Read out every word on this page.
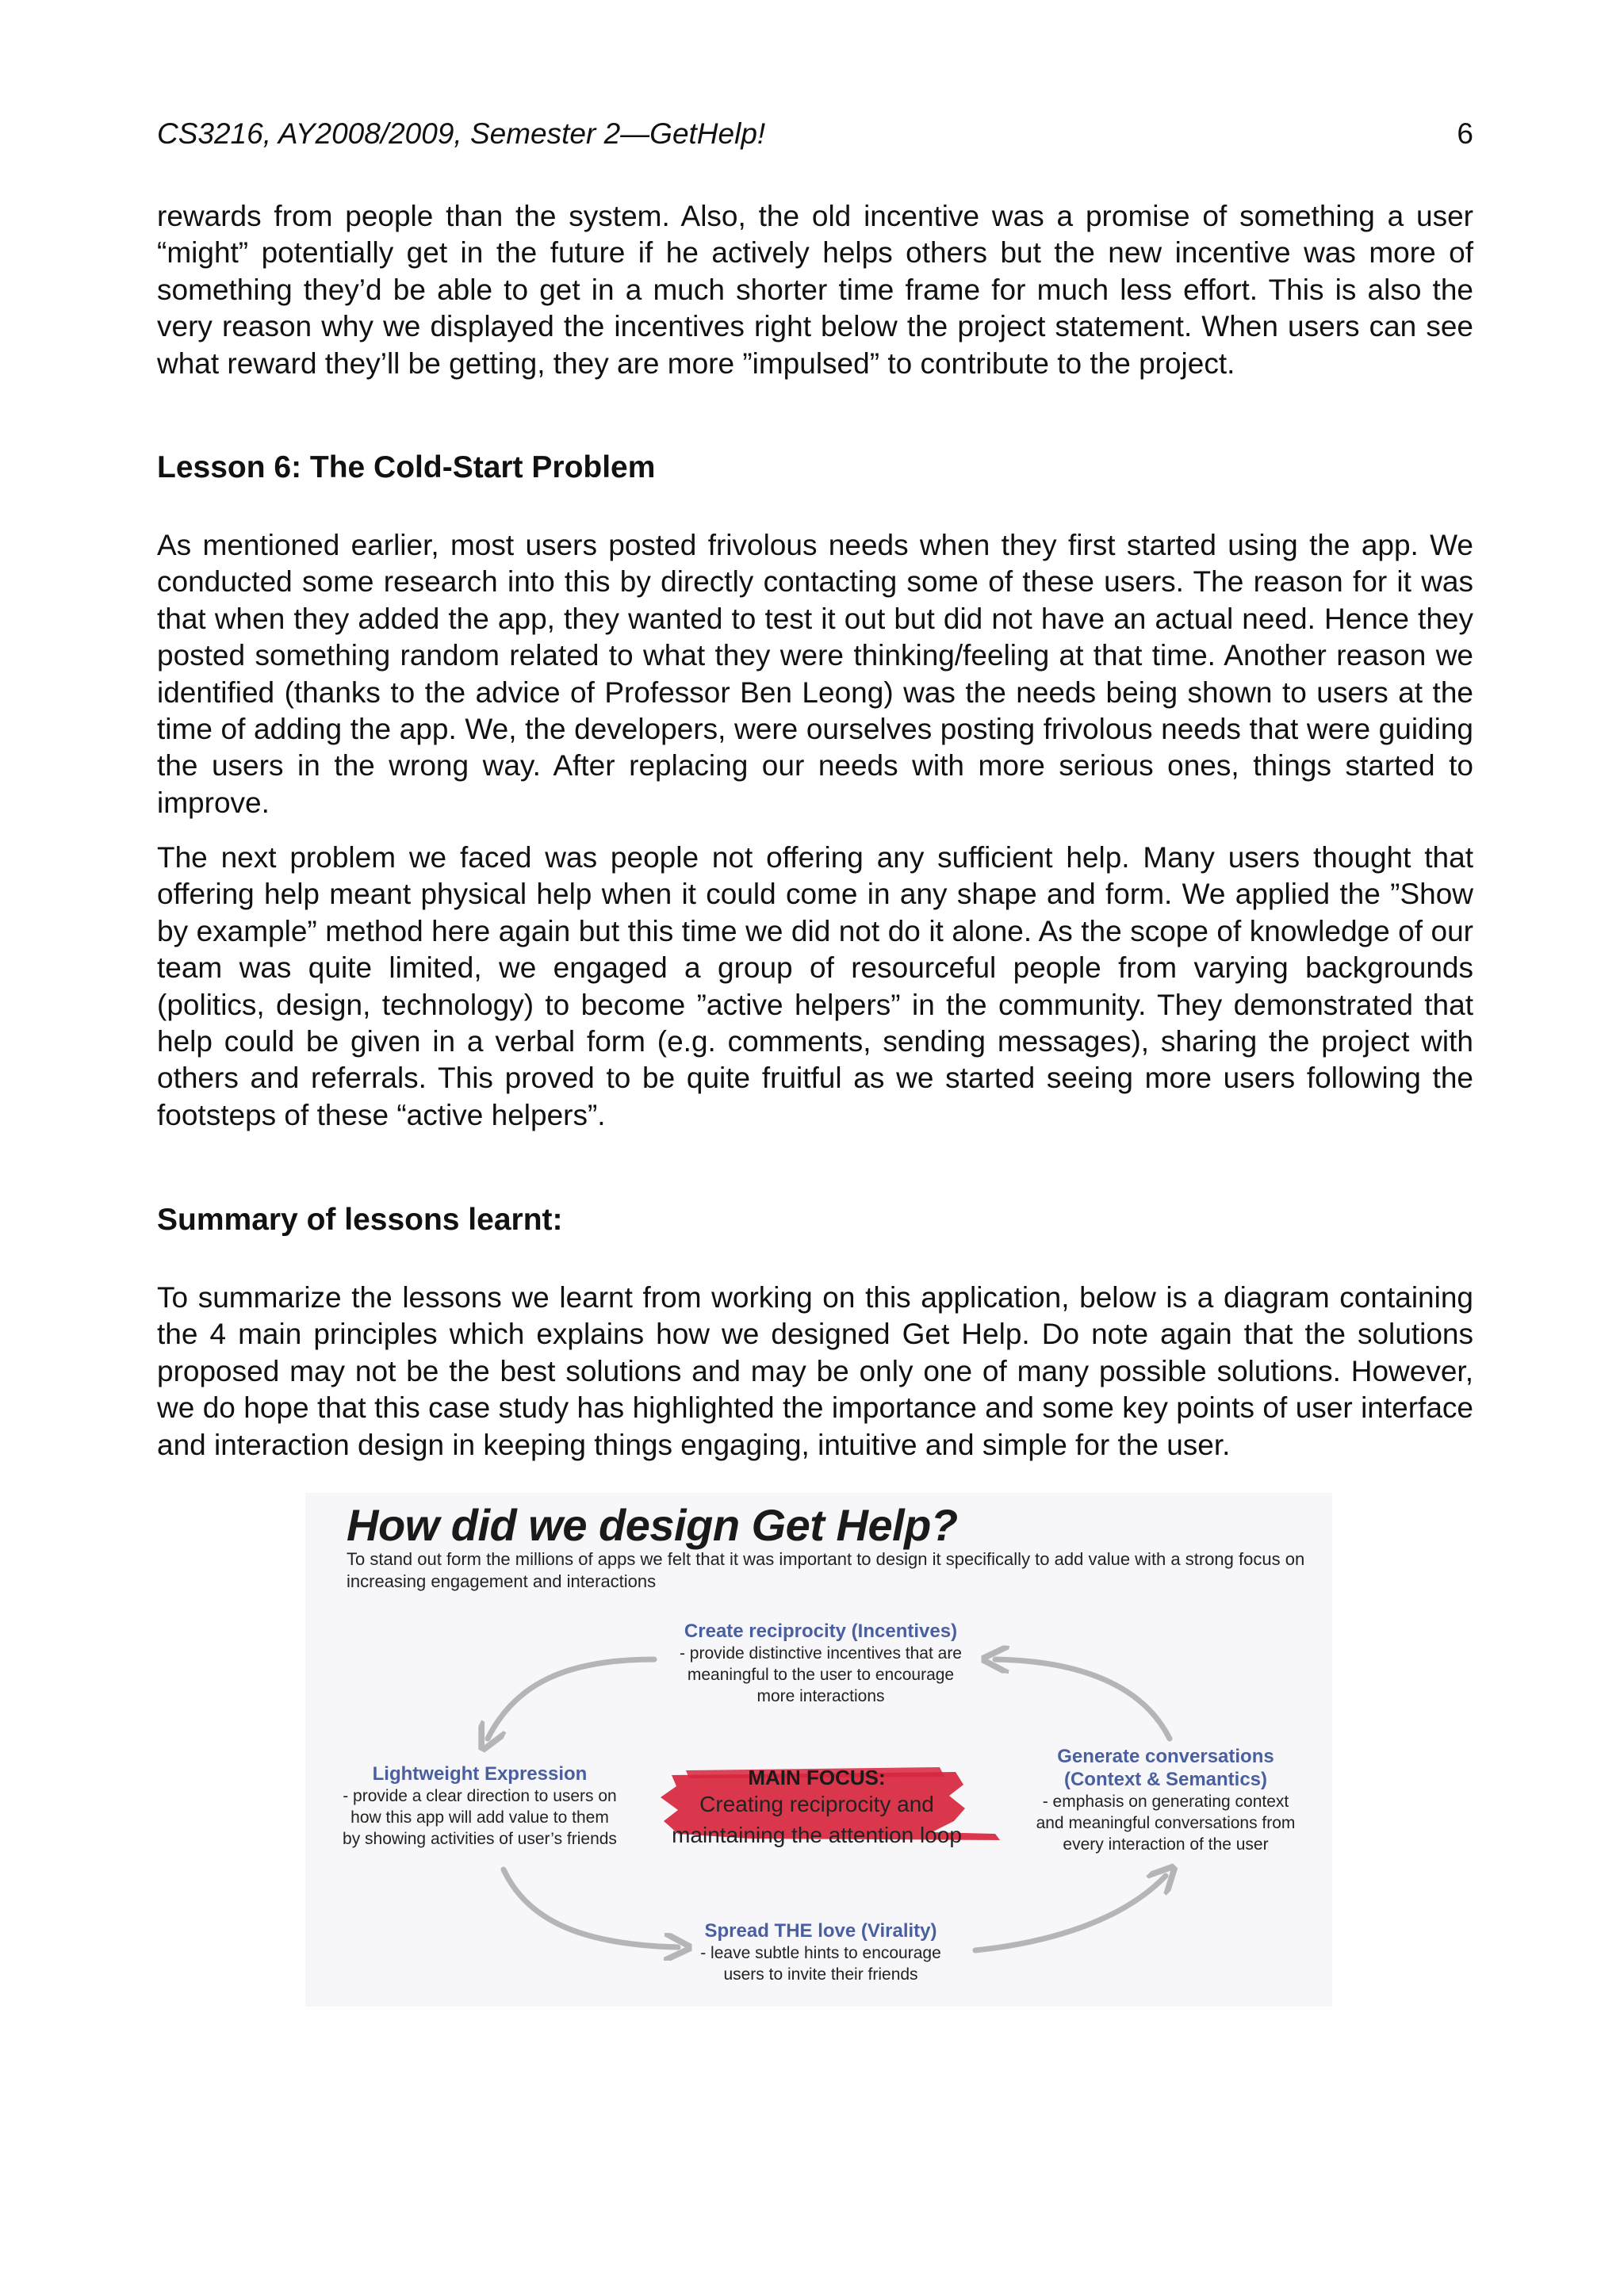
CS3216, AY2008/2009, Semester 2—GetHelp!	6
rewards from people than the system. Also, the old incentive was a promise of something a user “might” potentially get in the future if he actively helps others but the new incentive was more of something they’d be able to get in a much shorter time frame for much less effort. This is also the very reason why we displayed the incentives right below the project statement. When users can see what reward they’ll be getting, they are more ”impulsed” to contribute to the project.
Lesson 6: The Cold-Start Problem
As mentioned earlier, most users posted frivolous needs when they first started using the app. We conducted some research into this by directly contacting some of these users. The reason for it was that when they added the app, they wanted to test it out but did not have an actual need. Hence they posted something random related to what they were thinking/feeling at that time. Another reason we identified (thanks to the advice of Professor Ben Leong) was the needs being shown to users at the time of adding the app. We, the developers, were ourselves posting frivolous needs that were guiding the users in the wrong way. After replacing our needs with more serious ones, things started to improve.
The next problem we faced was people not offering any sufficient help. Many users thought that offering help meant physical help when it could come in any shape and form. We applied the ”Show by example” method here again but this time we did not do it alone. As the scope of knowledge of our team was quite limited, we engaged a group of resourceful people from varying backgrounds (politics, design, technology) to become ”active helpers” in the community. They demonstrated that help could be given in a verbal form (e.g. comments, sending messages), sharing the project with others and referrals. This proved to be quite fruitful as we started seeing more users following the footsteps of these “active helpers”.
Summary of lessons learnt:
To summarize the lessons we learnt from working on this application, below is a diagram containing the 4 main principles which explains how we designed Get Help. Do note again that the solutions proposed may not be the best solutions and may be only one of many possible solutions. However, we do hope that this case study has highlighted the importance and some key points of user interface and interaction design in keeping things engaging, intuitive and simple for the user.
How did we design Get Help?
To stand out form the millions of apps we felt that it was important to design it specifically to add value with a strong focus on increasing engagement and interactions
Create reciprocity (Incentives)
- provide distinctive incentives that are
meaningful to the user to encourage
more interactions
Lightweight Expression
- provide a clear direction to users on
how this app will add value to them
by showing activities of user’s friends
Generate conversations
(Context & Semantics)
- emphasis on generating context
and meaningful conversations from
every interaction of the user
Spread THE love (Virality)
- leave subtle hints to encourage
users to invite their friends
MAIN FOCUS:
Creating reciprocity and
maintaining the attention loop
